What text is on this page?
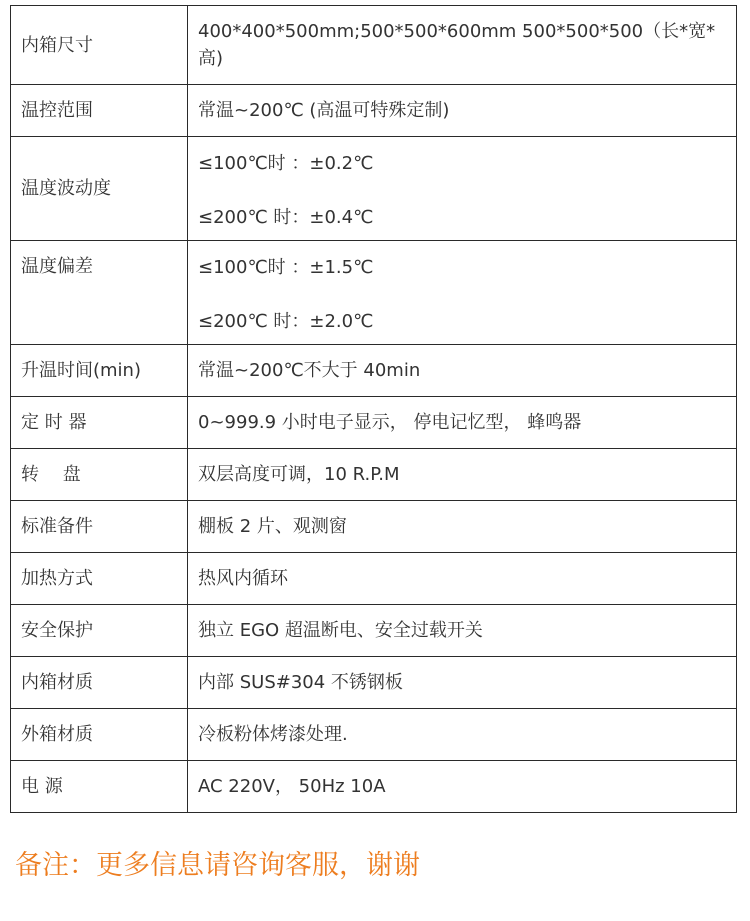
内箱尺寸	400*400*500mm;500*500*600mm 500*500*500（长*宽*高)
温控范围	常温~200℃ (高温可特殊定制)
温度波动度	≤100℃时 ：±0.2℃
≤200℃ 时：±0.4℃

温度偏差	≤100℃时 ：±1.5℃
≤200℃ 时：±2.0℃

升温时间(min)	常温~200℃不大于 40min
定 时 器	0~999.9 小时电子显示， 停电记忆型， 蜂鸣器
转　 盘	双层高度可调，10 R.P.M
标准备件	棚板 2 片、观测窗
加热方式	热风内循环
安全保护	独立 EGO 超温断电、安全过载开关
内箱材质	内部 SUS#304 不锈钢板
外箱材质	冷板粉体烤漆处理.
电 源	AC 220V， 50Hz 10A
备注：更多信息请咨询客服，谢谢
